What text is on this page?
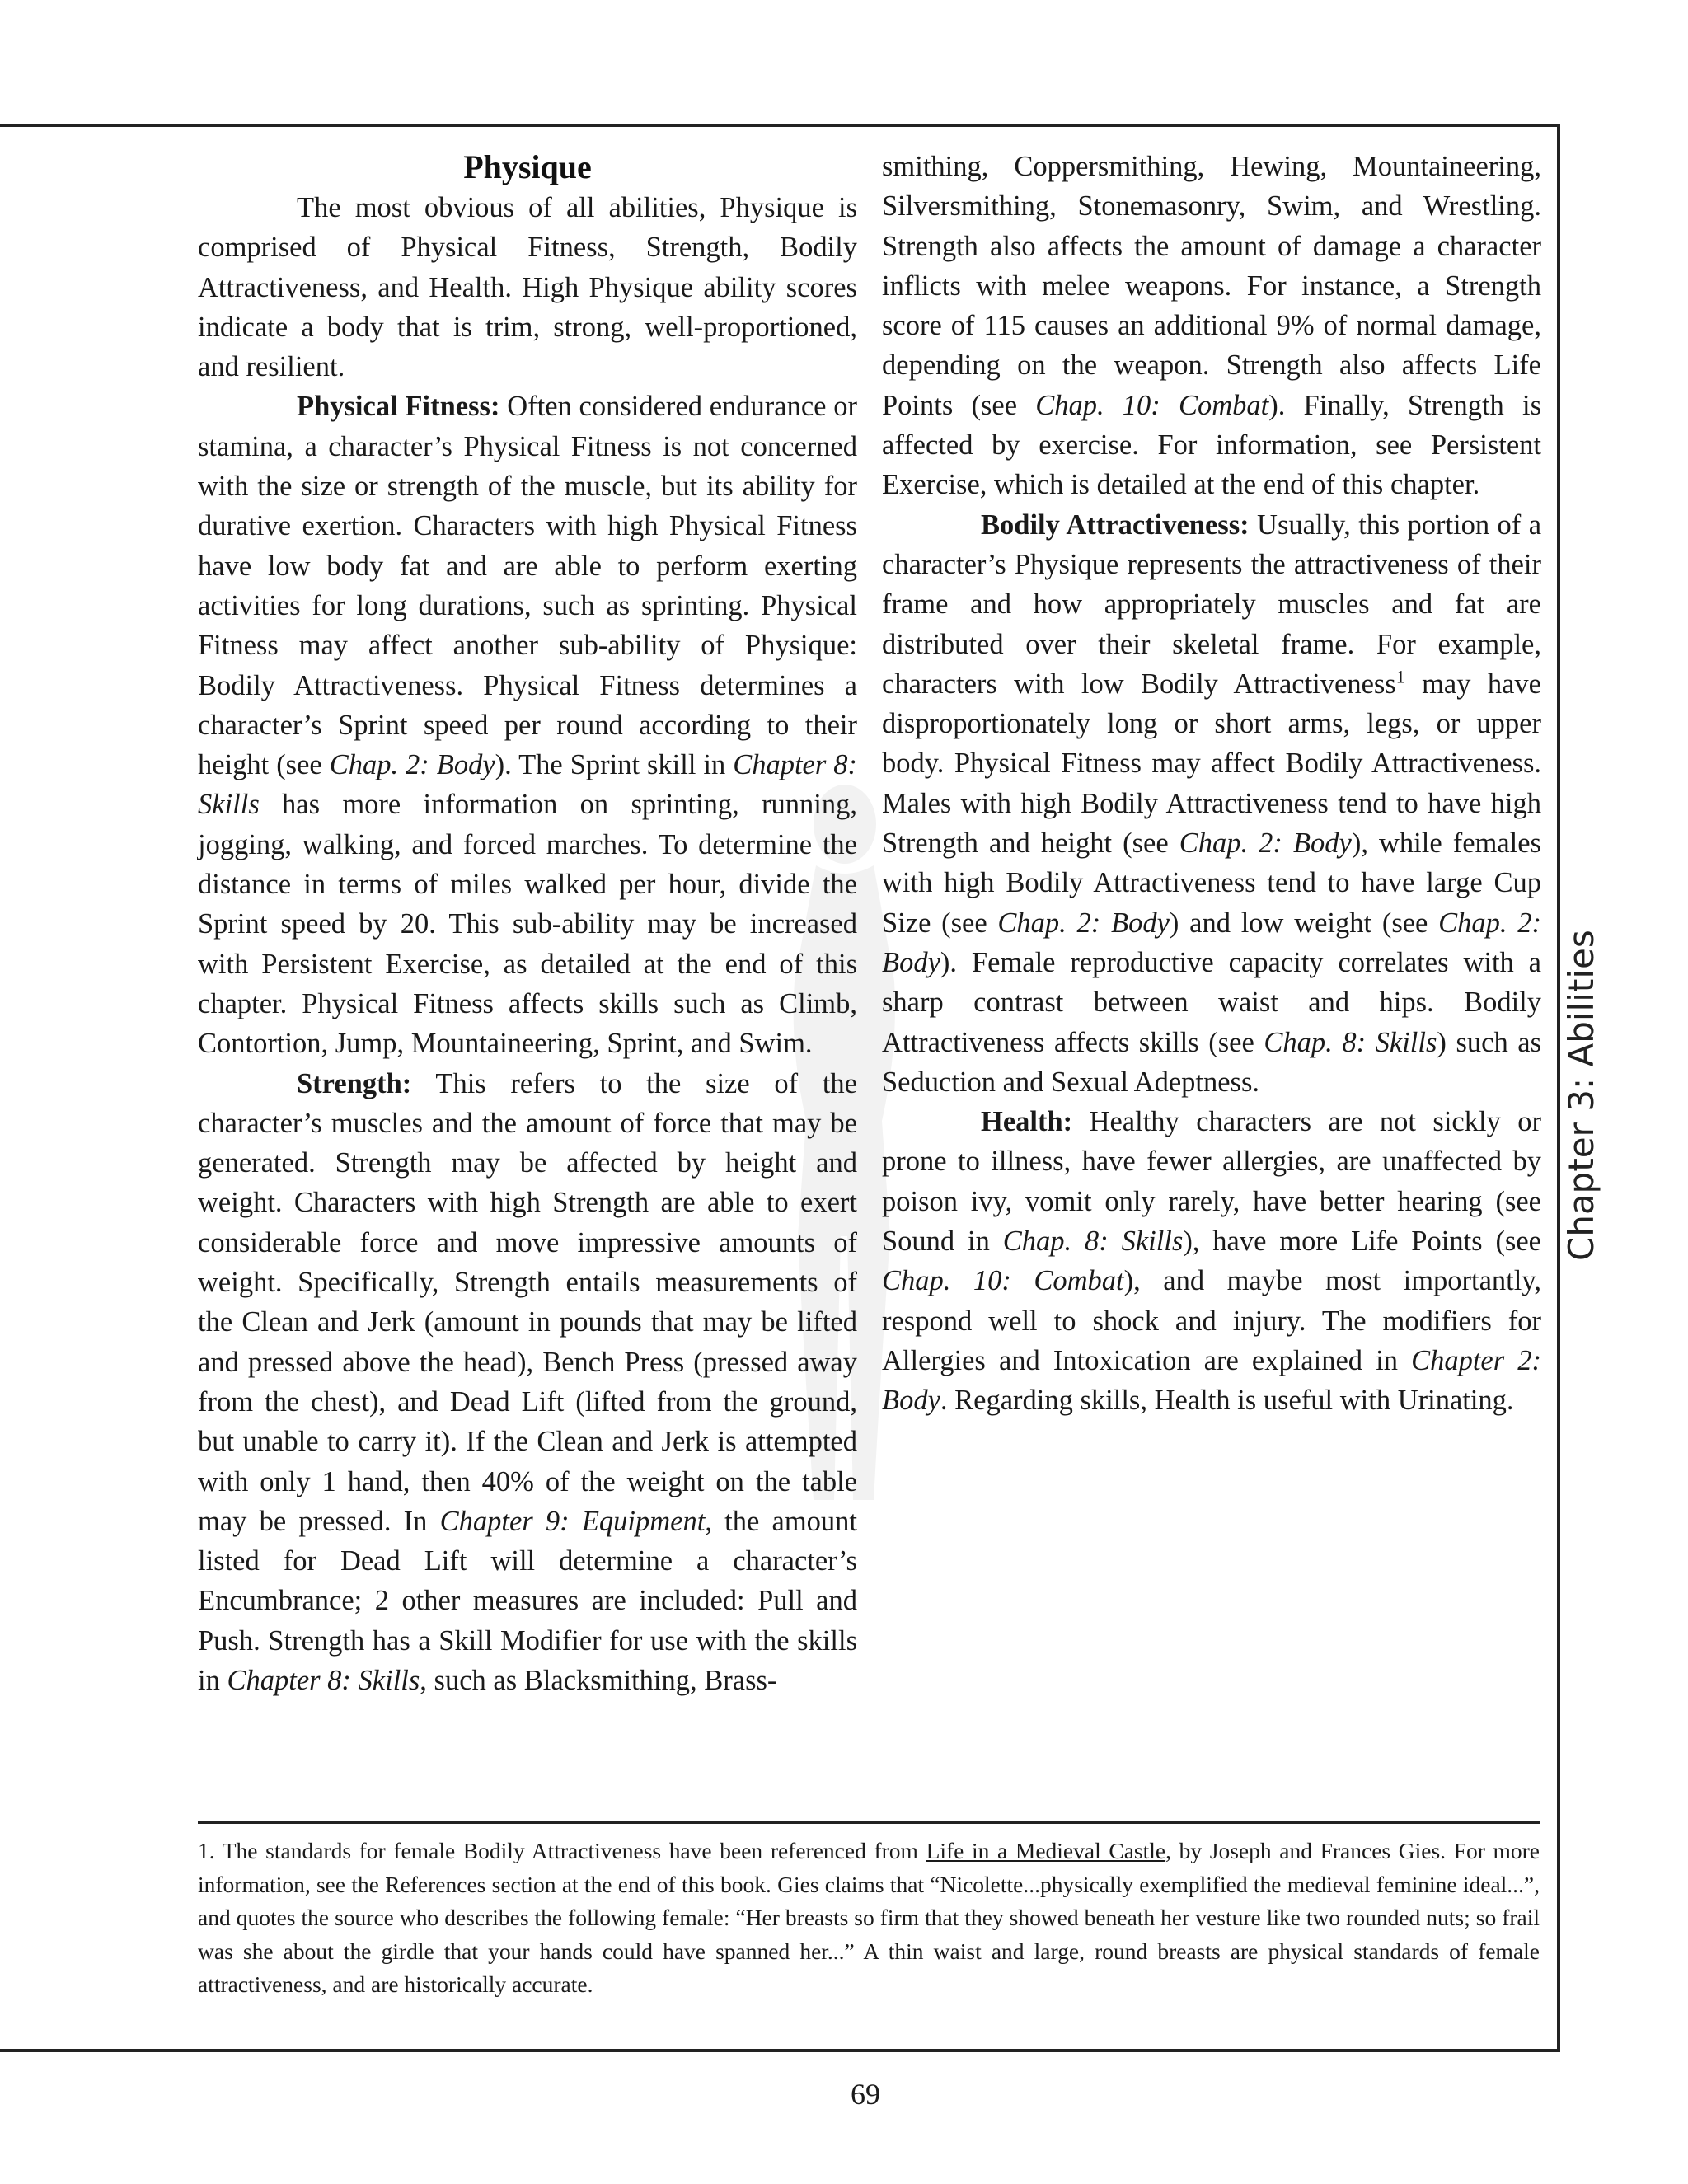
Physique

The most obvious of all abilities, Physique is comprised of Physical Fitness, Strength, Bodily Attractiveness, and Health. High Physique ability scores indicate a body that is trim, strong, well-proportioned, and resilient.

Physical Fitness: Often considered endurance or stamina, a character’s Physical Fitness is not concerned with the size or strength of the muscle, but its ability for durative exertion. Characters with high Physical Fitness have low body fat and are able to perform exerting activities for long durations, such as sprinting. Physical Fitness may affect another sub-ability of Physique: Bodily Attractiveness. Physical Fitness determines a character’s Sprint speed per round according to their height (see Chap. 2: Body). The Sprint skill in Chapter 8: Skills has more information on sprinting, running, jogging, walking, and forced marches. To determine the distance in terms of miles walked per hour, divide the Sprint speed by 20. This sub-ability may be increased with Persistent Exercise, as detailed at the end of this chapter. Physical Fitness affects skills such as Climb, Contortion, Jump, Mountaineering, Sprint, and Swim.

Strength: This refers to the size of the character’s muscles and the amount of force that may be generated. Strength may be affected by height and weight. Characters with high Strength are able to exert considerable force and move impressive amounts of weight. Specifically, Strength entails measurements of the Clean and Jerk (amount in pounds that may be lifted and pressed above the head), Bench Press (pressed away from the chest), and Dead Lift (lifted from the ground, but unable to carry it). If the Clean and Jerk is attempted with only 1 hand, then 40% of the weight on the table may be pressed. In Chapter 9: Equipment, the amount listed for Dead Lift will determine a character’s Encumbrance; 2 other measures are included: Pull and Push. Strength has a Skill Modifier for use with the skills in Chapter 8: Skills, such as Blacksmithing, Brass-

smithing, Coppersmithing, Hewing, Mountaineering, Silversmithing, Stonemasonry, Swim, and Wrestling. Strength also affects the amount of damage a character inflicts with melee weapons. For instance, a Strength score of 115 causes an additional 9% of normal damage, depending on the weapon. Strength also affects Life Points (see Chap. 10: Combat). Finally, Strength is affected by exercise. For information, see Persistent Exercise, which is detailed at the end of this chapter.

Bodily Attractiveness: Usually, this portion of a character’s Physique represents the attractiveness of their frame and how appropriately muscles and fat are distributed over their skeletal frame. For example, characters with low Bodily Attractiveness$^1$ may have disproportionately long or short arms, legs, or upper body. Physical Fitness may affect Bodily Attractiveness. Males with high Bodily Attractiveness tend to have high Strength and height (see Chap. 2: Body), while females with high Bodily Attractiveness tend to have large Cup Size (see Chap. 2: Body) and low weight (see Chap. 2: Body). Female reproductive capacity correlates with a sharp contrast between waist and hips. Bodily Attractiveness affects skills (see Chap. 8: Skills) such as Seduction and Sexual Adeptness.

Health: Healthy characters are not sickly or prone to illness, have fewer allergies, are unaffected by poison ivy, vomit only rarely, have better hearing (see Sound in Chap. 8: Skills), have more Life Points (see Chap. 10: Combat), and maybe most importantly, respond well to shock and injury. The modifiers for Allergies and Intoxication are explained in Chapter 2: Body. Regarding skills, Health is useful with Urinating.

Chapter 3: Abilities

1. The standards for female Bodily Attractiveness have been referenced from Life in a Medieval Castle, by Joseph and Frances Gies. For more information, see the References section at the end of this book. Gies claims that “Nicolette...physically exemplified the medieval feminine ideal...”, and quotes the source who describes the following female: “Her breasts so firm that they showed beneath her vesture like two rounded nuts; so frail was she about the girdle that your hands could have spanned her...” A thin waist and large, round breasts are physical standards of female attractiveness, and are historically accurate.

69
